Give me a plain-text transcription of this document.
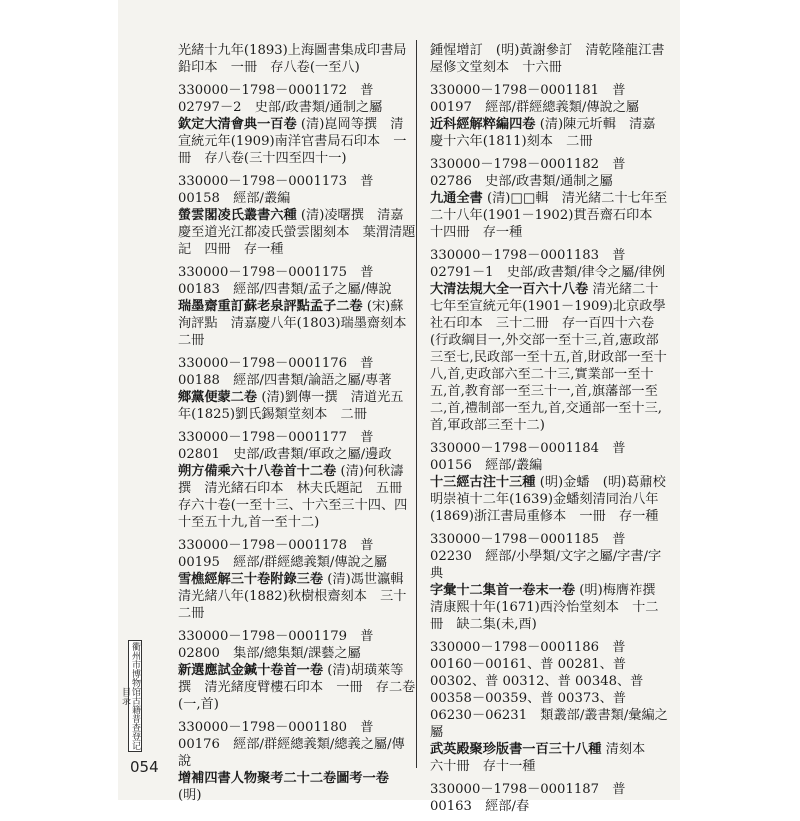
光緒十九年(1893)上海圖書集成印書局鉛印本　一冊　存八卷(一至八)
330000－1798－0001172　普 02797－2　史部/政書類/通制之屬
欽定大清會典一百卷 (清)崑岡等撰　清宣統元年(1909)南洋官書局石印本　一冊　存八卷(三十四至四十一)
330000－1798－0001173　普 00158　經部/叢編
螢雲閣凌氏叢書六種 (清)凌曙撰　清嘉慶至道光江都凌氏螢雲閣刻本　葉渭清題記　四冊　存一種
330000－1798－0001175　普 00183　經部/四書類/孟子之屬/傳說
瑞墨齋重訂蘇老泉評點孟子二卷 (宋)蘇洵評點　清嘉慶八年(1803)瑞墨齋刻本　二冊
330000－1798－0001176　普 00188　經部/四書類/論語之屬/專著
鄉黨便蒙二卷 (清)劉傳一撰　清道光五年(1825)劉氏錫類堂刻本　二冊
330000－1798－0001177　普 02801　史部/政書類/軍政之屬/邊政
朔方備乘六十八卷首十二卷 (清)何秋濤撰　清光緒石印本　林夫氏題記　五冊　存六十卷(一至十三、十六至三十四、四十至五十九,首一至十二)
330000－1798－0001178　普 00195　經部/群經總義類/傳說之屬
雪樵經解三十卷附錄三卷 (清)馮世瀛輯　清光緒八年(1882)秋樹根齋刻本　三十二冊
330000－1798－0001179　普 02800　集部/總集類/課藝之屬
新選應試金鍼十卷首一卷 (清)胡璜萊等撰　清光緒度臂樓石印本　一冊　存二卷(一,首)
330000－1798－0001180　普 00176　經部/群經總義類/總義之屬/傳說
增補四書人物聚考二十二卷圖考一卷 (明)
鍾惺增訂　(明)黃謝參訂　清乾隆龍江書屋修文堂刻本　十六冊
330000－1798－0001181　普 00197　經部/群經總義類/傳說之屬
近科經解粹編四卷 (清)陳元圻輯　清嘉慶十六年(1811)刻本　二冊
330000－1798－0001182　普 02786　史部/政書類/通制之屬
九通全書 (清)□□輯　清光緒二十七年至二十八年(1901－1902)貫吾齋石印本　十四冊　存一種
330000－1798－0001183　普 02791－1　史部/政書類/律令之屬/律例
大清法規大全一百六十八卷 清光緒二十七年至宣統元年(1901－1909)北京政學社石印本　三十二冊　存一百四十六卷(行政綱目一,外交部一至十三,首,憲政部三至七,民政部一至十五,首,財政部一至十八,首,吏政部六至二十三,實業部一至十五,首,教育部一至三十一,首,旗藩部一至二,首,禮制部一至九,首,交通部一至十三,首,軍政部三至十二)
330000－1798－0001184　普 00156　經部/叢編
十三經古注十三種 (明)金蟠　(明)葛鼐校　明崇禎十二年(1639)金蟠刻清同治八年(1869)浙江書局重修本　一冊　存一種
330000－1798－0001185　普 02230　經部/小學類/文字之屬/字書/字典
字彙十二集首一卷末一卷 (明)梅膺祚撰　清康熙十年(1671)西泠怡堂刻本　十二冊　缺二集(未,酉)
330000－1798－0001186　普 00160－00161、普 00281、普 00302、普 00312、普 00348、普 00358－00359、普 00373、普 06230－06231　類叢部/叢書類/彙編之屬
武英殿聚珍版書一百三十八種 清刻本　六十冊　存十一種
330000－1798－0001187　普 00163　經部/春
衢州市博物馆古籍普查登记目录
054
